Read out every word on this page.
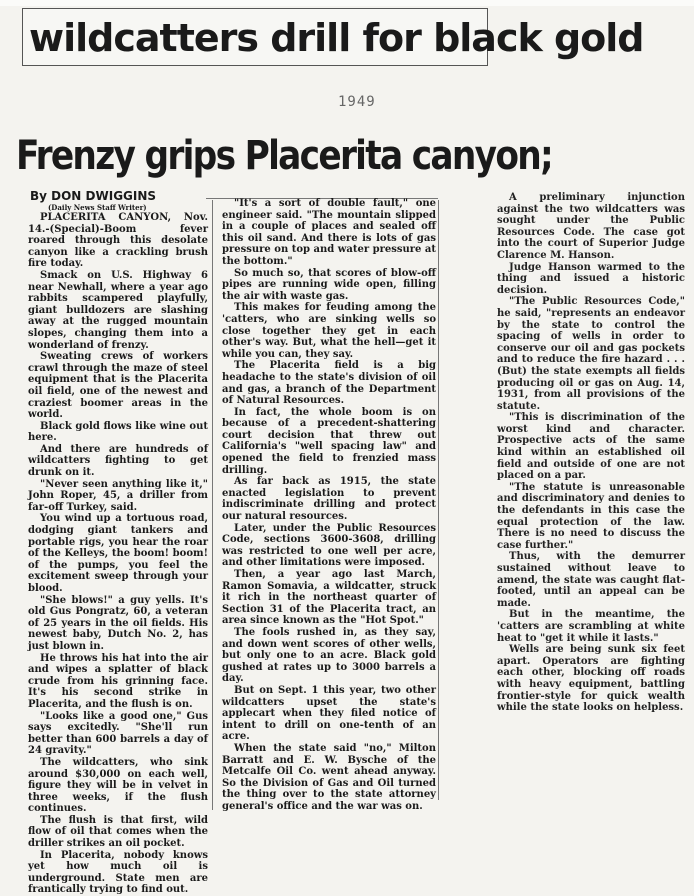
wildcatters drill for black gold
1949
Frenzy grips Placerita canyon;
By DON DWIGGINS
(Daily News Staff Writer)

PLACERITA CANYON, Nov. 14.-(Special)-Boom fever roared through this desolate canyon like a crackling brush fire today.

Smack on U.S. Highway 6 near Newhall, where a year ago rabbits scampered playfully, giant bulldozers are slashing away at the rugged mountain slopes, changing them into a wonderland of frenzy.

Sweating crews of workers crawl through the maze of steel equipment that is the Placerita oil field, one of the newest and craziest boomer areas in the world.

Black gold flows like wine out here.

And there are hundreds of wildcatters fighting to get drunk on it.

"Never seen anything like it," John Roper, 45, a driller from far-off Turkey, said.

You wind up a tortuous road, dodging giant tankers and portable rigs, you hear the roar of the Kelleys, the boom! boom! of the pumps, you feel the excitement sweep through your blood.

"She blows!" a guy yells. It's old Gus Pongratz, 60, a veteran of 25 years in the oil fields. His newest baby, Dutch No. 2, has just blown in.

He throws his hat into the air and wipes a splatter of black crude from his grinning face. It's his second strike in Placerita, and the flush is on.

"Looks like a good one," Gus says excitedly. "She'll run better than 600 barrels a day of 24 gravity."

The wildcatters, who sink around $30,000 on each well, figure they will be in velvet in three weeks, if the flush continues.

The flush is that first, wild flow of oil that comes when the driller strikes an oil pocket.

In Placerita, nobody knows yet how much oil is underground. State men are frantically trying to find out.

"It's a sort of double fault," one engineer said. "The mountain slipped in a couple of places and sealed off this oil sand. And there is lots of gas pressure on top and water pressure at the bottom."

So much so, that scores of blow-off pipes are running wide open, filling the air with waste gas.

This makes for feuding among the 'catters, who are sinking wells so close together they get in each other's way. But, what the hell—get it while you can, they say.

The Placerita field is a big headache to the state's division of oil and gas, a branch of the Department of Natural Resources.

In fact, the whole boom is on because of a precedent-shattering court decision that threw out California's "well spacing law" and opened the field to frenzied mass drilling.

As far back as 1915, the state enacted legislation to prevent indiscriminate drilling and protect our natural resources.

Later, under the Public Resources Code, sections 3600-3608, drilling was restricted to one well per acre, and other limitations were imposed.

Then, a year ago last March, Ramon Somavia, a wildcatter, struck it rich in the northeast quarter of Section 31 of the Placerita tract, an area since known as the "Hot Spot."

The fools rushed in, as they say, and down went scores of other wells, but only one to an acre. Black gold gushed at rates up to 3000 barrels a day.

But on Sept. 1 this year, two other wildcatters upset the state's applecart when they filed notice of intent to drill on one-tenth of an acre.

When the state said "no," Milton Barratt and E. W. Bysche of the Metcalfe Oil Co. went ahead anyway. So the Division of Gas and Oil turned the thing over to the state attorney general's office and the war was on.

A preliminary injunction against the two wildcatters was sought under the Public Resources Code. The case got into the court of Superior Judge Clarence M. Hanson.

Judge Hanson warmed to the thing and issued a historic decision.

"The Public Resources Code," he said, "represents an endeavor by the state to control the spacing of wells in order to conserve our oil and gas pockets and to reduce the fire hazard . . . (But) the state exempts all fields producing oil or gas on Aug. 14, 1931, from all provisions of the statute.

"This is discrimination of the worst kind and character. Prospective acts of the same kind within an established oil field and outside of one are not placed on a par.

"The statute is unreasonable and discriminatory and denies to the defendants in this case the equal protection of the law. There is no need to discuss the case further."

Thus, with the demurrer sustained without leave to amend, the state was caught flat-footed, until an appeal can be made.

But in the meantime, the 'catters are scrambling at white heat to "get it while it lasts."

Wells are being sunk six feet apart. Operators are fighting each other, blocking off roads with heavy equipment, battling frontier-style for quick wealth while the state looks on helpless.
